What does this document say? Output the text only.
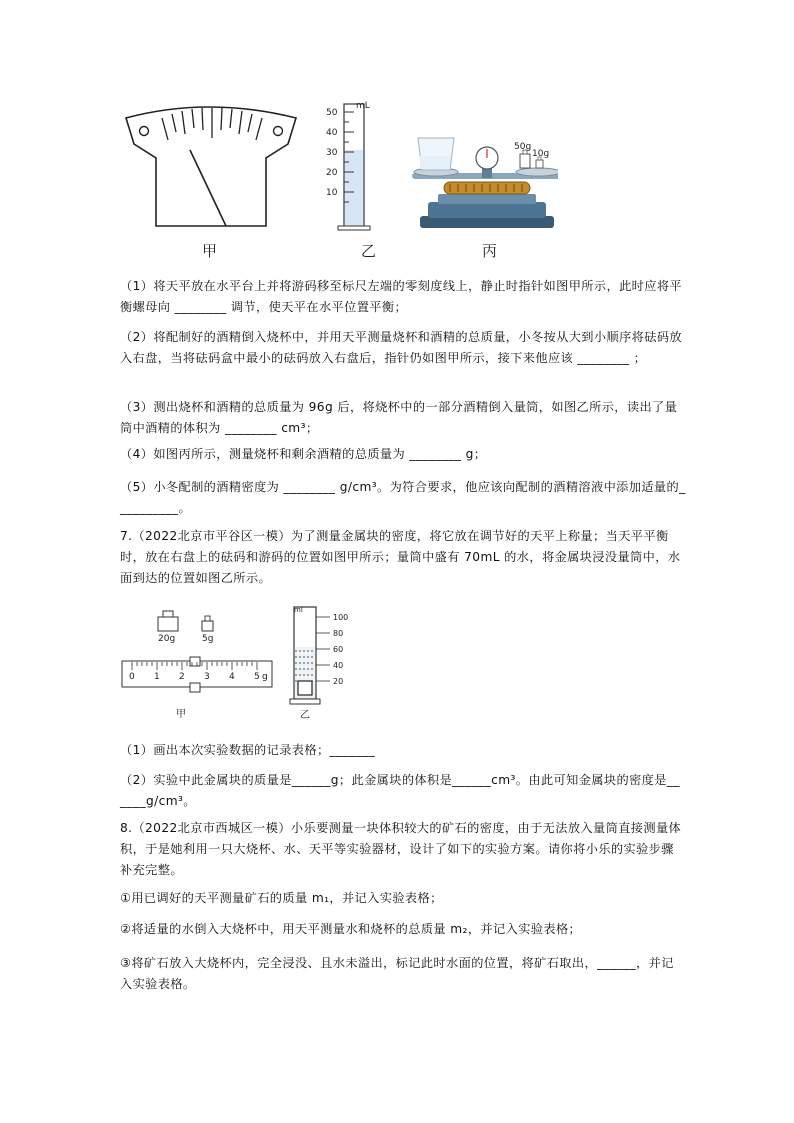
mL
50
40
30
20
10
50g
10g
甲	乙	丙
（1）将天平放在水平台上并将游码移至标尺左端的零刻度线上，静止时指针如图甲所示，此时应将平衡螺母向 ________ 调节，使天平在水平位置平衡；
（2）将配制好的酒精倒入烧杯中，并用天平测量烧杯和酒精的总质量，小冬按从大到小顺序将砝码放入右盘，当将砝码盒中最小的砝码放入右盘后，指针仍如图甲所示，接下来他应该 ________ ；
（3）测出烧杯和酒精的总质量为 96g 后，将烧杯中的一部分酒精倒入量筒，如图乙所示，读出了量筒中酒精的体积为 ________ cm³；
（4）如图丙所示，测量烧杯和剩余酒精的总质量为 ________ g；
（5）小冬配制的酒精密度为 ________ g/cm³。为符合要求，他应该向配制的酒精溶液中添加适量的__________。
7.（2022北京市平谷区一模）为了测量金属块的密度，将它放在调节好的天平上称量；当天平平衡时，放在右盘上的砝码和游码的位置如图甲所示；量筒中盛有 70mL 的水，将金属块浸没量筒中，水面到达的位置如图乙所示。
20g	5g
0 1 2 3 4 5 g
甲
ml
100
80
60
40
20
乙
（1）画出本次实验数据的记录表格；_______
（2）实验中此金属块的质量是______g；此金属块的体积是______cm³。由此可知金属块的密度是______g/cm³。
8.（2022北京市西城区一模）小乐要测量一块体积较大的矿石的密度，由于无法放入量筒直接测量体积，于是她利用一只大烧杯、水、天平等实验器材，设计了如下的实验方案。请你将小乐的实验步骤补充完整。
①用已调好的天平测量矿石的质量 m₁，并记入实验表格；
②将适量的水倒入大烧杯中，用天平测量水和烧杯的总质量 m₂，并记入实验表格；
③将矿石放入大烧杯内，完全浸没、且水未溢出，标记此时水面的位置，将矿石取出，______，并记入实验表格。
